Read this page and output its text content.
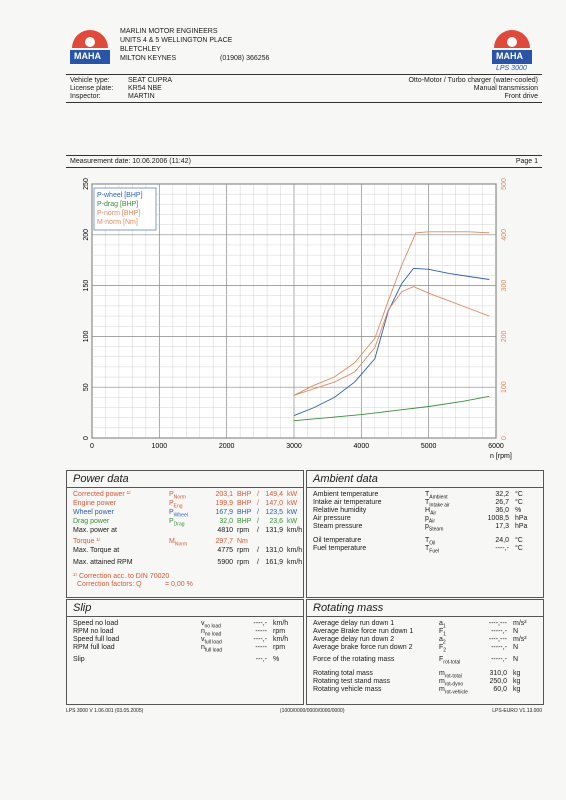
MAHA	MAHA
LPS 3000
MARLIN MOTOR ENGINEERS
UNITS 4 & 5 WELLINGTON PLACE
BLETCHLEY
MILTON KEYNES	(01908) 366256
Vehicle type:	SEAT CUPRA
License plate: KR54 NBE
Inspector:	MARTIN
Otto-Motor / Turbo charger (water-cooled)
Manual transmission
Front drive
Measurement date: 10.06.2006 (11:42)	Page 1
0	1000	2000	3000	4000	5000	6000
0
50
100
150
200
250
0
100
200
300
400
500
n [rpm]
P-wheel [BHP]
P-drag [BHP]
P-norm [BHP]
M-norm [Nm]
Power data
Corrected power ¹⁾	$P_{Norm}$	203,1 BHP / 149,4 kW
Engine power	$P_{Eng}$	199,9 BHP / 147,0 kW
Wheel power	$P_{Wheel}$	167,9 BHP / 123,5 kW
Drag power	$P_{Drag}$	32,0 BHP /	23,6 kW
Max. power at	4810 rpm / 131,9 km/h
Torque ¹⁾	$M_{Norm}$	297,7 Nm
Max. Torque at	4775 rpm / 131,0 km/h
Max. attained RPM	5900 rpm / 161,9 km/h
¹⁾ Correction acc. to DIN 70020
Correction factors: Q	= 0,00 %
Ambient data
Ambient temperature	$T_{Ambient}$	32,2 °C
Intake air temperature	$T_{Intake air}$	26,7 °C
Relative humidity	$H_{Air}$	36,0 %
Air pressure	$p_{Air}$	1008,5 hPa
Steam pressure	$p_{Steam}$	17,3 hPa
Oil temperature	$T_{Oil}$	24,0 °C
Fuel temperature	$T_{Fuel}$	----,- °C
Slip
Speed no load	$v_{no load}$	----,- km/h
RPM no load	$n_{no load}$	----- rpm
Speed full load	$v_{full load}$	----,- km/h
RPM full load	$n_{full load}$	----- rpm
Slip	---,- %
Rotating mass
Average delay run down 1	$a_1$	----,--- m/s²
Average Brake force run down 1	$F_1$	-----,- N
Average delay run down 2	$a_2$	----,--- m/s²
Average brake force run down 2	$F_2$	-----,- N
Force of the rotating mass	$F_{rot-total}$	-----,- N
Rotating total mass	$m_{rot-total}$	310,0 kg
Rotating test stand mass	$m_{rot-dyno}$	250,0 kg
Rotating vehicle mass	$m_{rot-vehicle}$	60,0 kg
LPS 3000 V 1.06.001 (03.05.2005)	(1000/0000/0000/0000/0000)	LPS-EURO V1.13.000
